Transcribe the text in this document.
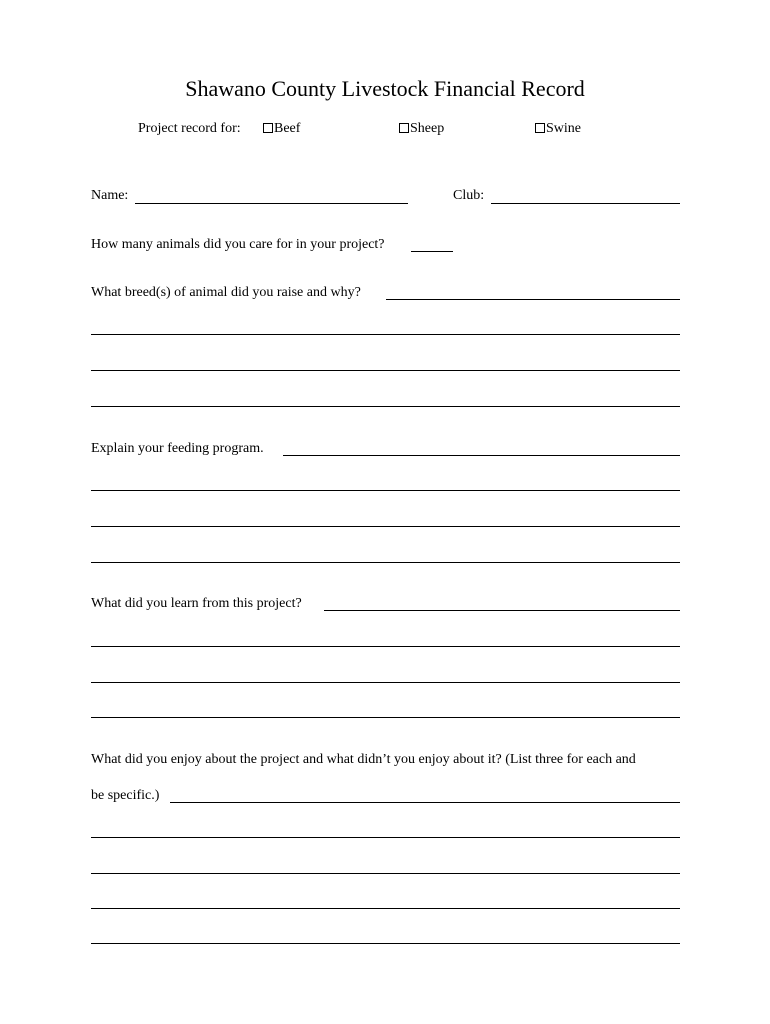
Shawano County Livestock Financial Record
Project record for:	Beef	Sheep	Swine
Name:	Club:
How many animals did you care for in your project?
What breed(s) of animal did you raise and why?
Explain your feeding program.
What did you learn from this project?
What did you enjoy about the project and what didn’t you enjoy about it? (List three for each and
be specific.)
